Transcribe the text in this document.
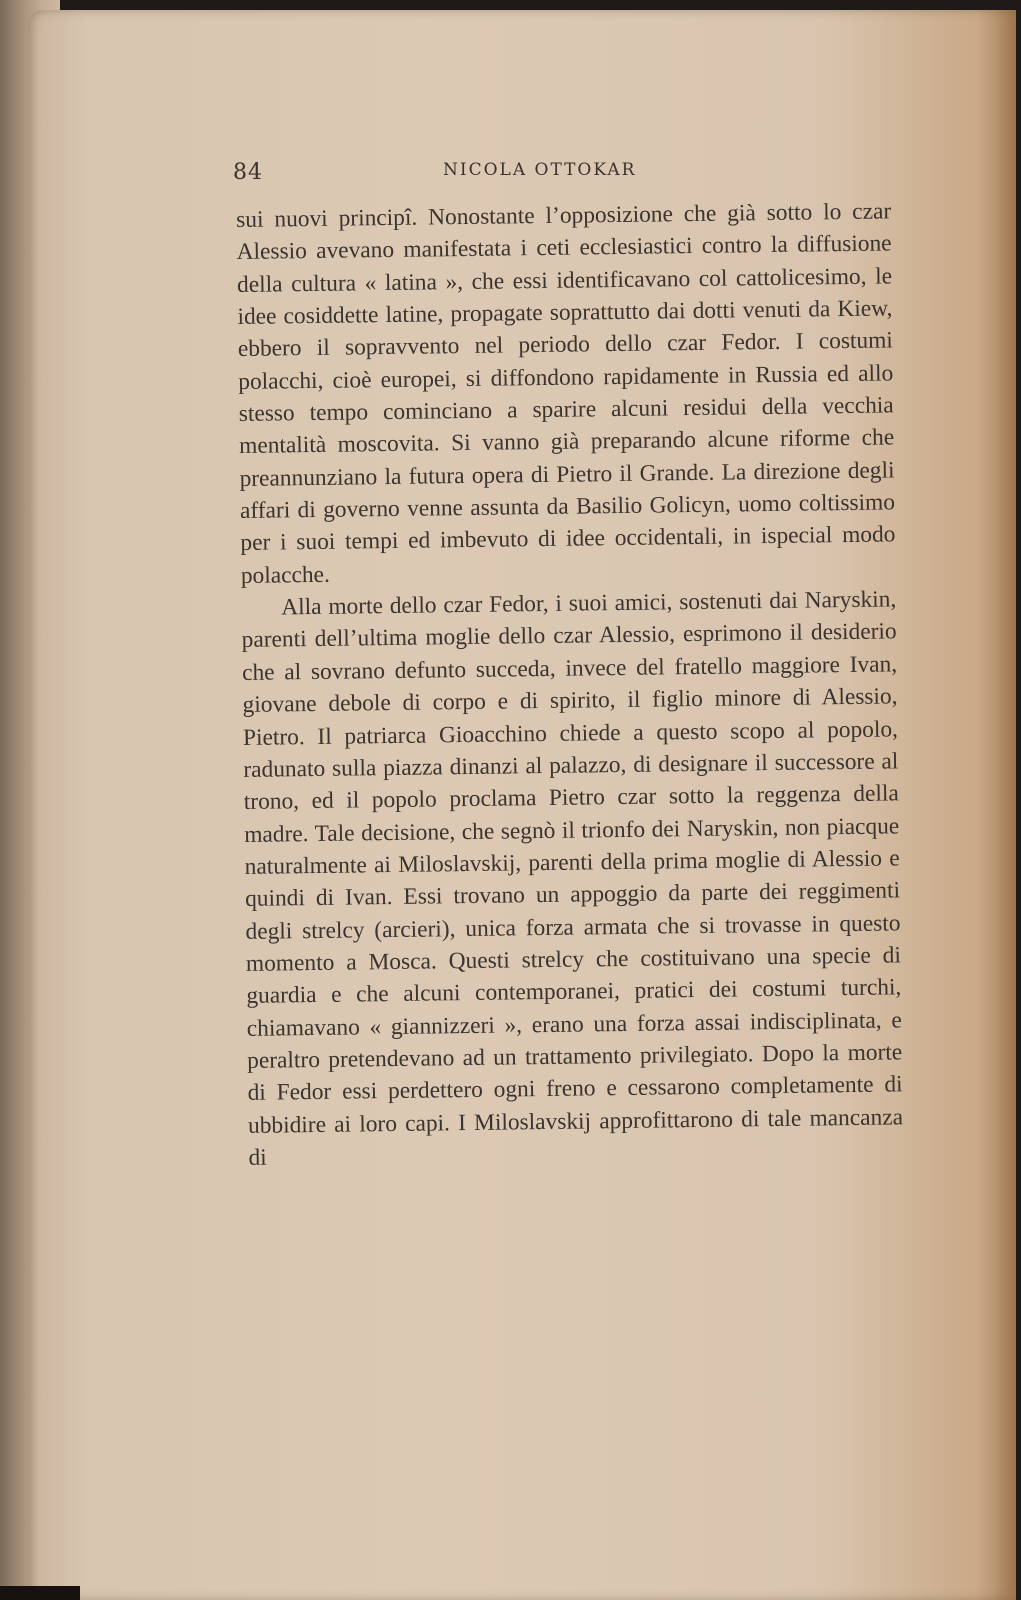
84	NICOLA OTTOKAR

sui nuovi principî. Nonostante l’opposizione che già sotto lo czar Alessio avevano manifestata i ceti ecclesiastici contro la diffusione della cultura « latina », che essi identificavano col cattolicesimo, le idee cosiddette latine, propagate soprattutto dai dotti venuti da Kiew, ebbero il sopravvento nel periodo dello czar Fedor. I costumi polacchi, cioè europei, si diffondono rapidamente in Russia ed allo stesso tempo cominciano a sparire alcuni residui della vecchia mentalità moscovita. Si vanno già preparando alcune riforme che preannunziano la futura opera di Pietro il Grande. La direzione degli affari di governo venne assunta da Basilio Golicyn, uomo coltissimo per i suoi tempi ed imbevuto di idee occidentali, in ispecial modo polacche.

Alla morte dello czar Fedor, i suoi amici, sostenuti dai Naryskin, parenti dell’ultima moglie dello czar Alessio, esprimono il desiderio che al sovrano defunto succeda, invece del fratello maggiore Ivan, giovane debole di corpo e di spirito, il figlio minore di Alessio, Pietro. Il patriarca Gioacchino chiede a questo scopo al popolo, radunato sulla piazza dinanzi al palazzo, di designare il successore al trono, ed il popolo proclama Pietro czar sotto la reggenza della madre. Tale decisione, che segnò il trionfo dei Naryskin, non piacque naturalmente ai Miloslavskij, parenti della prima moglie di Alessio e quindi di Ivan. Essi trovano un appoggio da parte dei reggimenti degli strelcy (arcieri), unica forza armata che si trovasse in questo momento a Mosca. Questi strelcy che costituivano una specie di guardia e che alcuni contemporanei, pratici dei costumi turchi, chiamavano « giannizzeri », erano una forza assai indisciplinata, e peraltro pretendevano ad un trattamento privilegiato. Dopo la morte di Fedor essi perdettero ogni freno e cessarono completamente di ubbidire ai loro capi. I Miloslavskij approfittarono di tale mancanza di
